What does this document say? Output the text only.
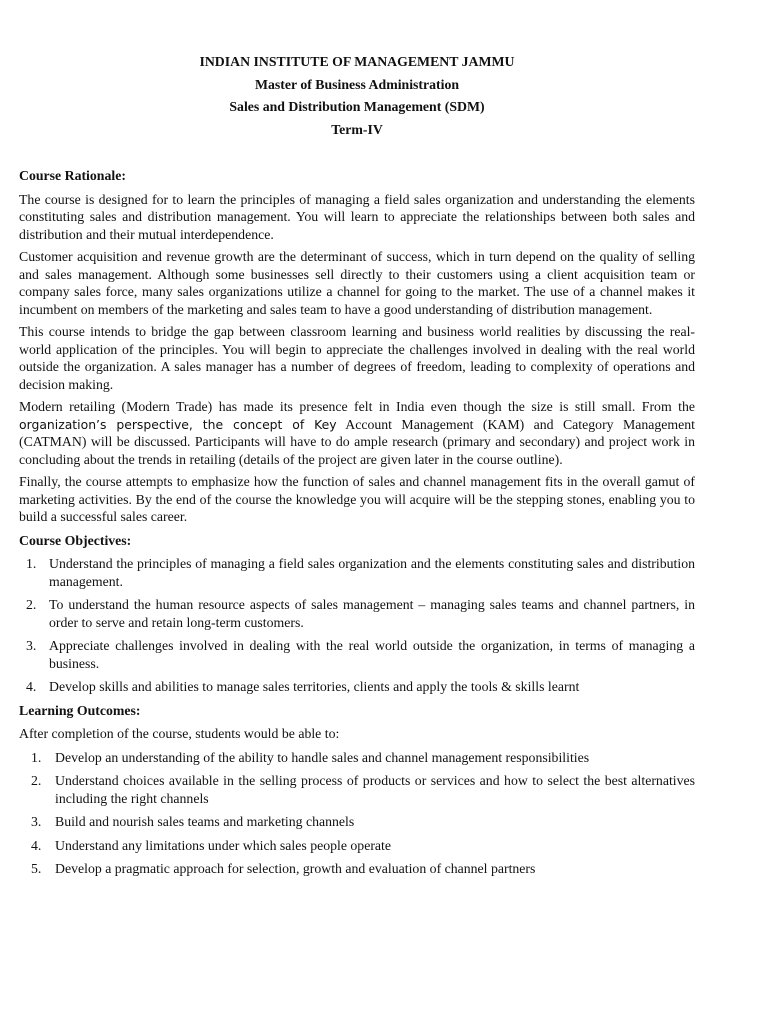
INDIAN INSTITUTE OF MANAGEMENT JAMMU

Master of Business Administration

Sales and Distribution Management (SDM)

Term-IV

Course Rationale:

The course is designed for to learn the principles of managing a field sales organization and understanding the elements constituting sales and distribution management. You will learn to appreciate the relationships between both sales and distribution and their mutual interdependence.

Customer acquisition and revenue growth are the determinant of success, which in turn depend on the quality of selling and sales management. Although some businesses sell directly to their customers using a client acquisition team or company sales force, many sales organizations utilize a channel for going to the market. The use of a channel makes it incumbent on members of the marketing and sales team to have a good understanding of distribution management.

This course intends to bridge the gap between classroom learning and business world realities by discussing the real-world application of the principles. You will begin to appreciate the challenges involved in dealing with the real world outside the organization. A sales manager has a number of degrees of freedom, leading to complexity of operations and decision making.

Modern retailing (Modern Trade) has made its presence felt in India even though the size is still small. From the organization’s perspective, the concept of Key Account Management (KAM) and Category Management (CATMAN) will be discussed. Participants will have to do ample research (primary and secondary) and project work in concluding about the trends in retailing (details of the project are given later in the course outline).

Finally, the course attempts to emphasize how the function of sales and channel management fits in the overall gamut of marketing activities. By the end of the course the knowledge you will acquire will be the stepping stones, enabling you to build a successful sales career.

Course Objectives:

1. Understand the principles of managing a field sales organization and the elements constituting sales and distribution management.
2. To understand the human resource aspects of sales management – managing sales teams and channel partners, in order to serve and retain long-term customers.
3. Appreciate challenges involved in dealing with the real world outside the organization, in terms of managing a business.
4. Develop skills and abilities to manage sales territories, clients and apply the tools & skills learnt

Learning Outcomes:

After completion of the course, students would be able to:

1. Develop an understanding of the ability to handle sales and channel management responsibilities
2. Understand choices available in the selling process of products or services and how to select the best alternatives including the right channels
3. Build and nourish sales teams and marketing channels
4. Understand any limitations under which sales people operate
5. Develop a pragmatic approach for selection, growth and evaluation of channel partners
